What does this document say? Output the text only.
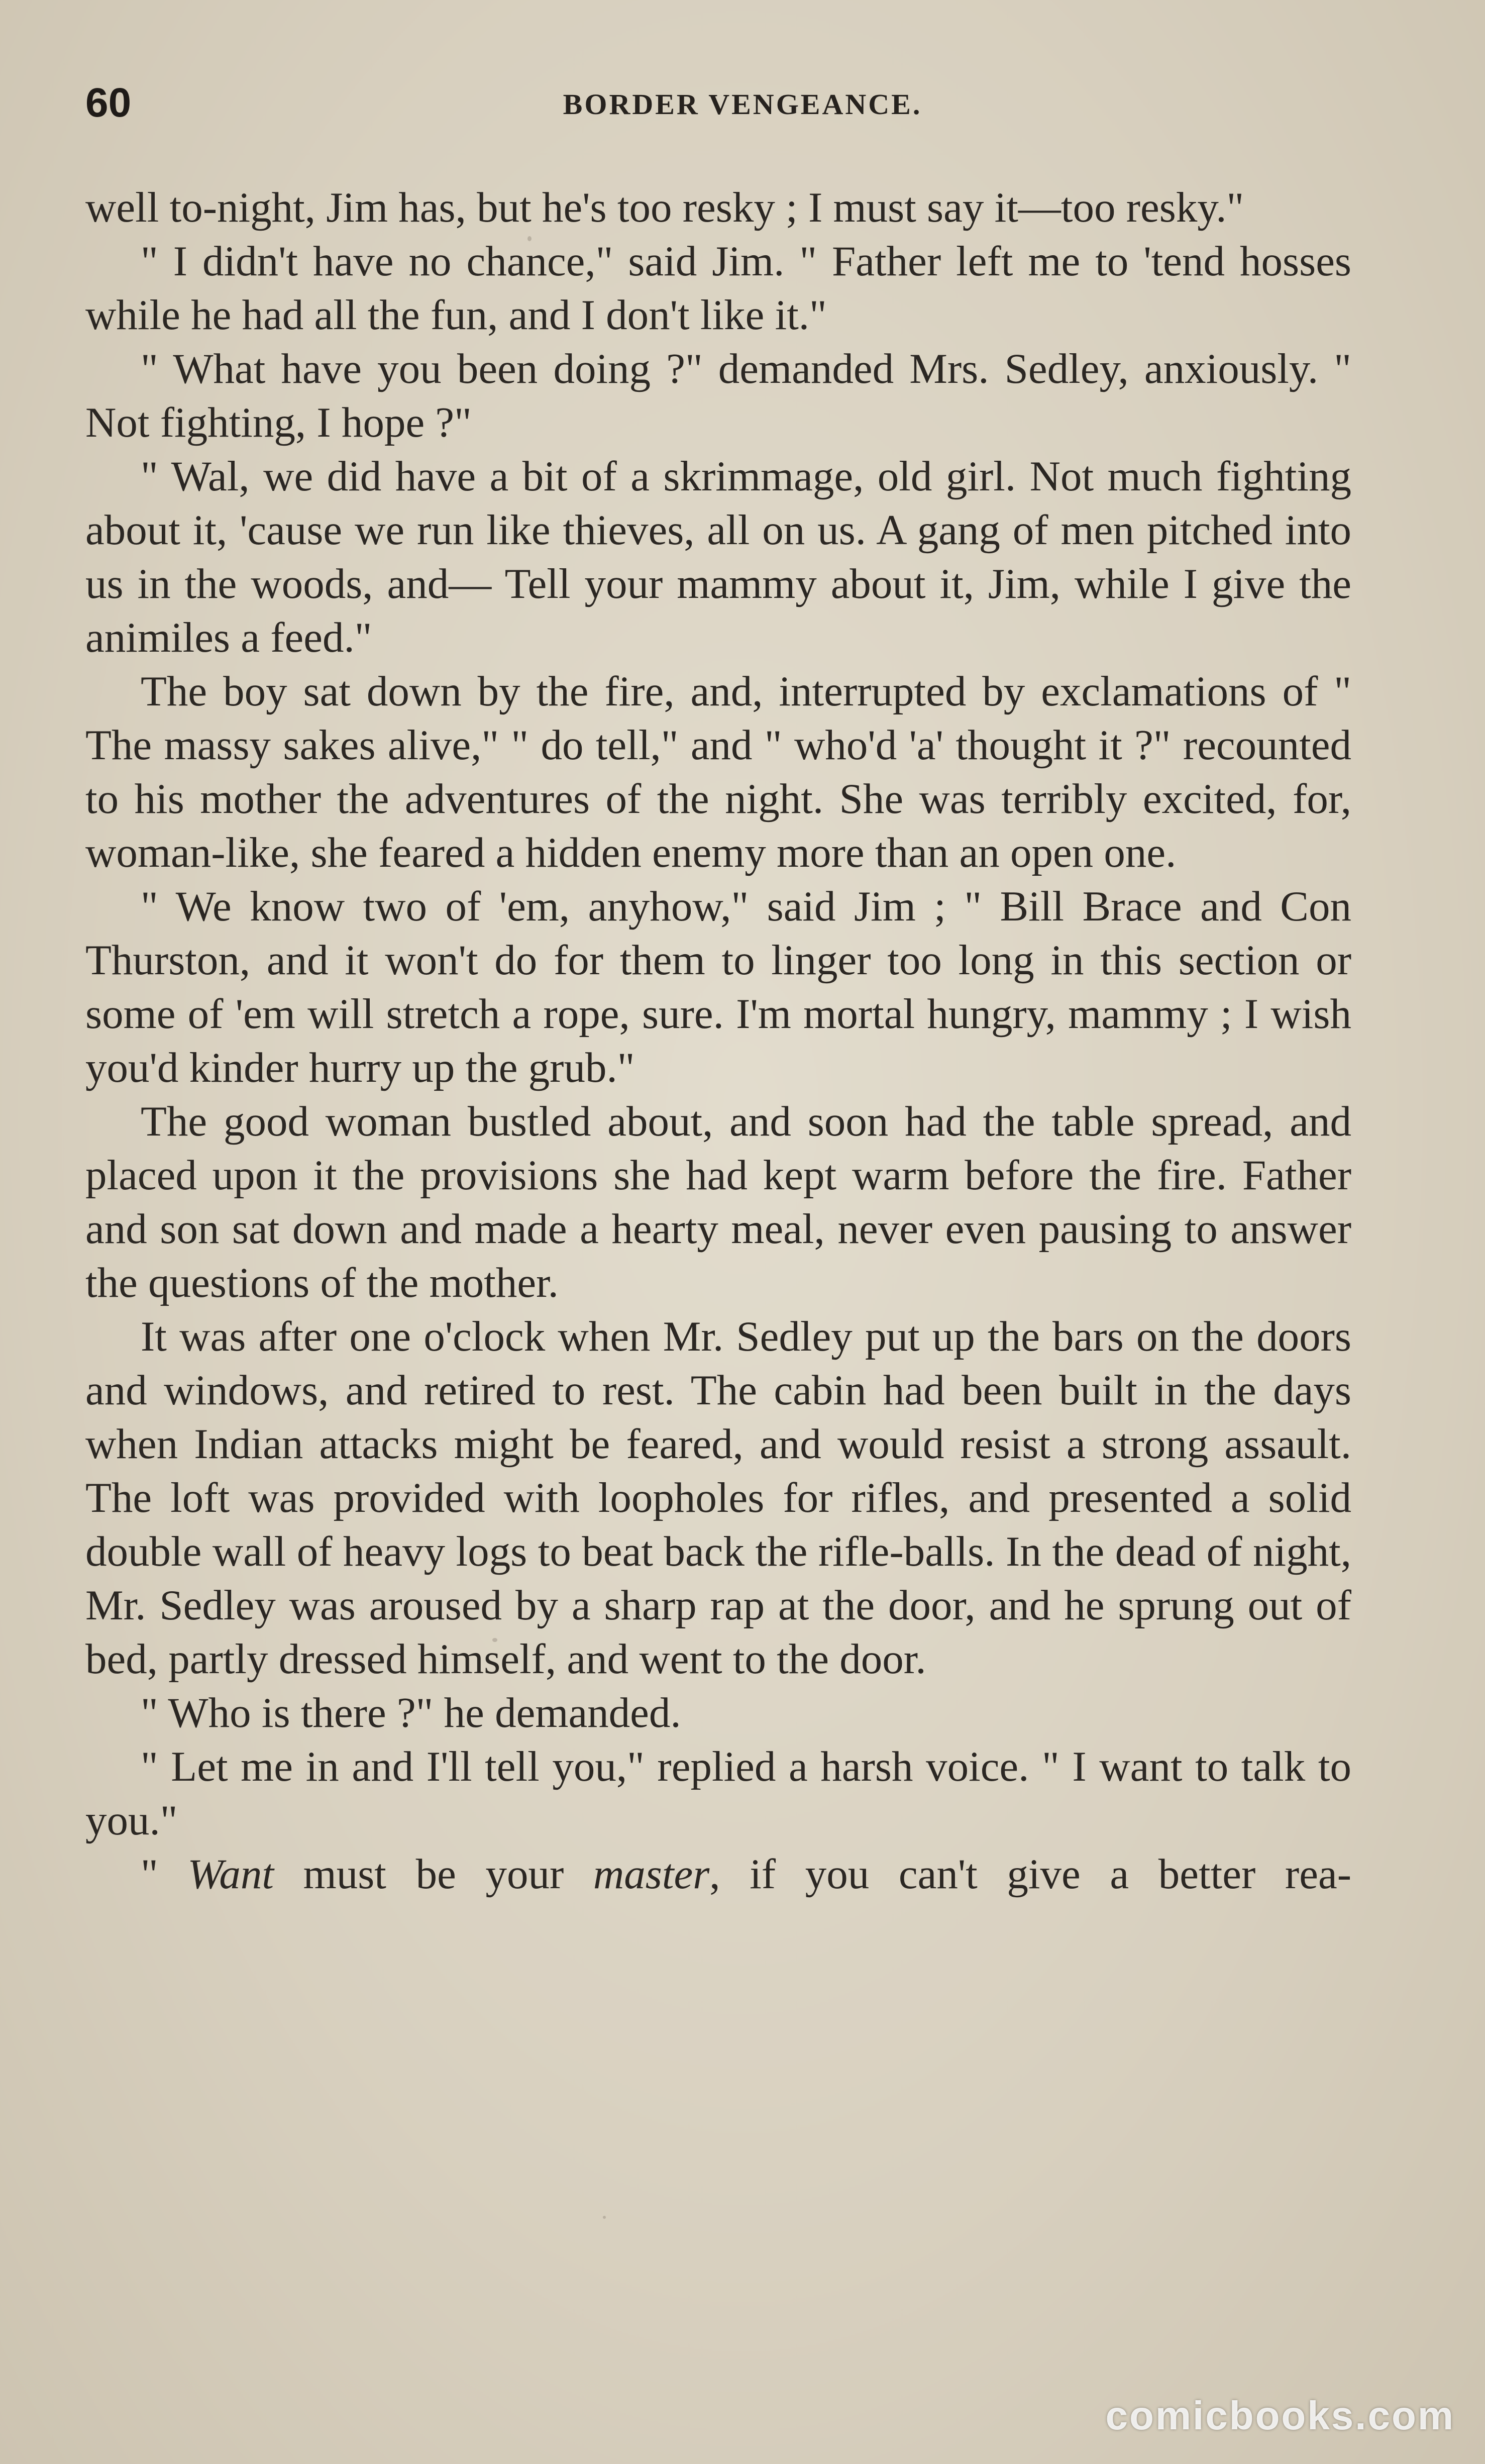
60	BORDER VENGEANCE.

well to-night, Jim has, but he's too resky ; I must say it—too resky."

" I didn't have no chance," said Jim. " Father left me to 'tend hosses while he had all the fun, and I don't like it."

" What have you been doing ?" demanded Mrs. Sedley, anxiously. " Not fighting, I hope ?"

" Wal, we did have a bit of a skrimmage, old girl. Not much fighting about it, 'cause we run like thieves, all on us. A gang of men pitched into us in the woods, and— Tell your mammy about it, Jim, while I give the animiles a feed."

The boy sat down by the fire, and, interrupted by exclamations of " The massy sakes alive," " do tell," and " who'd 'a' thought it ?" recounted to his mother the adventures of the night. She was terribly excited, for, woman-like, she feared a hidden enemy more than an open one.

" We know two of 'em, anyhow," said Jim ; " Bill Brace and Con Thurston, and it won't do for them to linger too long in this section or some of 'em will stretch a rope, sure. I'm mortal hungry, mammy ; I wish you'd kinder hurry up the grub."

The good woman bustled about, and soon had the table spread, and placed upon it the provisions she had kept warm before the fire. Father and son sat down and made a hearty meal, never even pausing to answer the questions of the mother.

It was after one o'clock when Mr. Sedley put up the bars on the doors and windows, and retired to rest. The cabin had been built in the days when Indian attacks might be feared, and would resist a strong assault. The loft was provided with loopholes for rifles, and presented a solid double wall of heavy logs to beat back the rifle-balls. In the dead of night, Mr. Sedley was aroused by a sharp rap at the door, and he sprung out of bed, partly dressed himself, and went to the door.

" Who is there ?" he demanded.

" Let me in and I'll tell you," replied a harsh voice. " I want to talk to you."

" Want must be your master, if you can't give a better rea-

comicbooks.com
